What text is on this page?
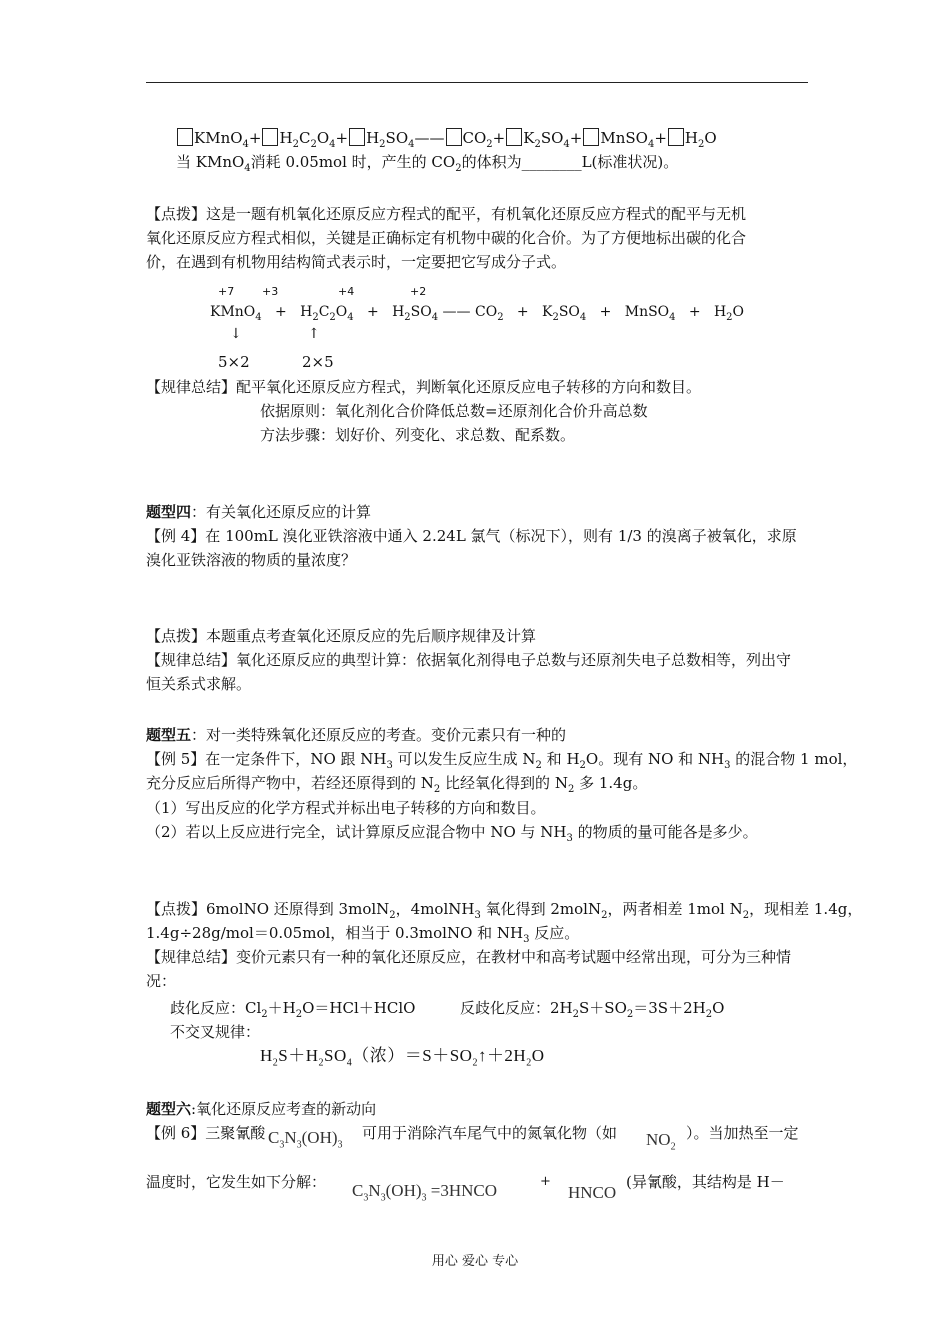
KMnO$_4$+ $H_2C_2O_4+$ $H_2SO_4——$ $CO_2+ K_2SO_4+$ MnSO$_4$+ $H_2O$
当 KMnO$_4$消耗 0.05mol 时，产生的 $CO_2$的体积为________L(标准状况)。
【点拨】这是一题有机氧化还原反应方程式的配平，有机氧化还原反应方程式的配平与无机
氧化还原反应方程式相似，关键是正确标定有机物中碳的化合价。为了方便地标出碳的化合
价，在遇到有机物用结构简式表示时，一定要把它写成分子式。
+7	+3	+4	+2
KMnO$_4$   +   $H_2C_2O_4 + H_2SO_4$ —— $CO_2 + K_2SO_4$   +   MnSO$_4$   +   $H_2O$
↓	↑
5×2	2×5
【规律总结】配平氧化还原反应方程式，判断氧化还原反应电子转移的方向和数目。
依据原则：氧化剂化合价降低总数=还原剂化合价升高总数
方法步骤：划好价、列变化、求总数、配系数。
题型四：有关氧化还原反应的计算
【例 4】在 100mL 溴化亚铁溶液中通入 2.24L 氯气（标况下），则有 1/3 的溴离子被氧化，求原
溴化亚铁溶液的物质的量浓度？
【点拨】本题重点考查氧化还原反应的先后顺序规律及计算
【规律总结】氧化还原反应的典型计算：依据氧化剂得电子总数与还原剂失电子总数相等，列出守
恒关系式求解。
题型五：对一类特殊氧化还原反应的考查。变价元素只有一种的
【例 5】在一定条件下，NO 跟 $NH_3$ 可以发生反应生成 $N_2$ 和 $H_2O$。现有 NO 和 $NH_3$ 的混合物 1 mol，
充分反应后所得产物中，若经还原得到的 $N_2$ 比经氧化得到的 $N_2$ 多 1.4g。
（1）写出反应的化学方程式并标出电子转移的方向和数目。
（2）若以上反应进行完全，试计算原反应混合物中 NO 与 $NH_3$ 的物质的量可能各是多少。
【点拨】6molNO 还原得到 3molN$_2$，4molNH$_3$ 氧化得到 2molN$_2$，两者相差 1mol $N_2$，现相差 1.4g，
1.4g÷28g/mol＝0.05mol，相当于 0.3molNO 和 $NH_3$ 反应。
【规律总结】变价元素只有一种的氧化还原反应，在教材中和高考试题中经常出现，可分为三种情
况：
歧化反应：$Cl_2+H_2O=HCl+HClO$	反歧化反应：$2H_2S+SO_2=3S+2H_2O$
不交叉规律：
$H_2S+H_2SO_4$（浓）$=S+SO_2↑+2H_2O$
题型六:氧化还原反应考查的新动向
【例 6】三聚氰酸 $C_3N_3(OH)_3$
可用于消除汽车尾气中的氮氧化物（如 $NO_2$
）。当加热至一定
温度时，它发生如下分解： $C_3N_3(OH)_3$ =3HNCO	+
HNCO
(异氰酸，其结构是 H－
用心 爱心 专心
